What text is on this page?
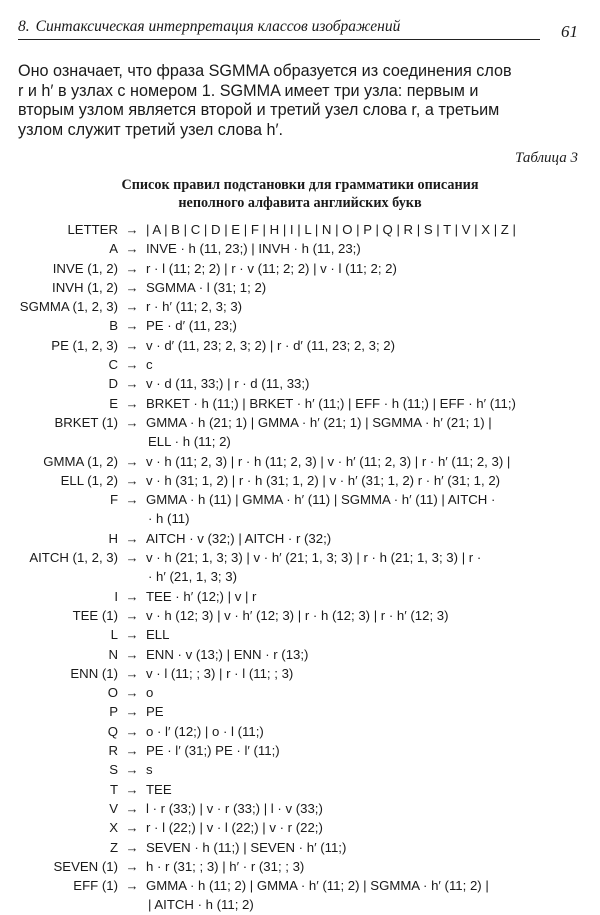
8. Синтаксическая интерпретация классов изображений	61
Оно означает, что фраза SGMMA образуется из соединения слов
r и h′ в узлах с номером 1. SGMMA имеет три узла: первым и
вторым узлом является второй и третий узел слова r, а третьим
узлом служит третий узел слова h′.
Таблица 3
Список правил подстановки для грамматики описания
неполного алфавита английских букв
LETTER → | A | B | C | D | E | F | H | I | L | N | O | P | Q | R | S | T | V | X | Z |
A → INVE · h (11, 23;) | INVH · h (11, 23;)
INVE (1, 2) → r · l (11; 2; 2) | r · v (11; 2; 2) | v · l (11; 2; 2)
INVH (1, 2) → SGMMA · l (31; 1; 2)
SGMMA (1, 2, 3) → r · h′ (11; 2, 3; 3)
B → PE · d′ (11, 23;)
PE (1, 2, 3) → v · d′ (11, 23; 2, 3; 2) | r · d′ (11, 23; 2, 3; 2)
C → c
D → v · d (11, 33;) | r · d (11, 33;)
E → BRKET · h (11;) | BRKET · h′ (11;) | EFF · h (11;) | EFF · h′ (11;)
BRKET (1) → GMMA · h (21; 1) | GMMA · h′ (21; 1) | SGMMA · h′ (21; 1) |
ELL · h (11; 2)
GMMA (1, 2) → v · h (11; 2, 3) | r · h (11; 2, 3) | v · h′ (11; 2, 3) | r · h′ (11; 2, 3) |
ELL (1, 2) → v · h (31; 1, 2) | r · h (31; 1, 2) | v · h′ (31; 1, 2) r · h′ (31; 1, 2)
F → GMMA · h (11) | GMMA · h′ (11) | SGMMA · h′ (11) | AITCH ·
· h (11)
H → AITCH · v (32;) | AITCH · r (32;)
AITCH (1, 2, 3) → v · h (21; 1, 3; 3) | v · h′ (21; 1, 3; 3) | r · h (21; 1, 3; 3) | r ·
· h′ (21, 1, 3; 3)
I → TEE · h′ (12;) | v | r
TEE (1) → v · h (12; 3) | v · h′ (12; 3) | r · h (12; 3) | r · h′ (12; 3)
L → ELL
N → ENN · v (13;) | ENN · r (13;)
ENN (1) → v · l (11; ; 3) | r · l (11; ; 3)
O → o
P → PE
Q → o · l′ (12;) | o · l (11;)
R → PE · l′ (31;) PE · l′ (11;)
S → s
T → TEE
V → l · r (33;) | v · r (33;) | l · v (33;)
X → r · l (22;) | v · l (22;) | v · r (22;)
Z → SEVEN · h (11;) | SEVEN · h′ (11;)
SEVEN (1) → h · r (31; ; 3) | h′ · r (31; ; 3)
EFF (1) → GMMA · h (11; 2) | GMMA · h′ (11; 2) | SGMMA · h′ (11; 2) |
| AITCH · h (11; 2)
